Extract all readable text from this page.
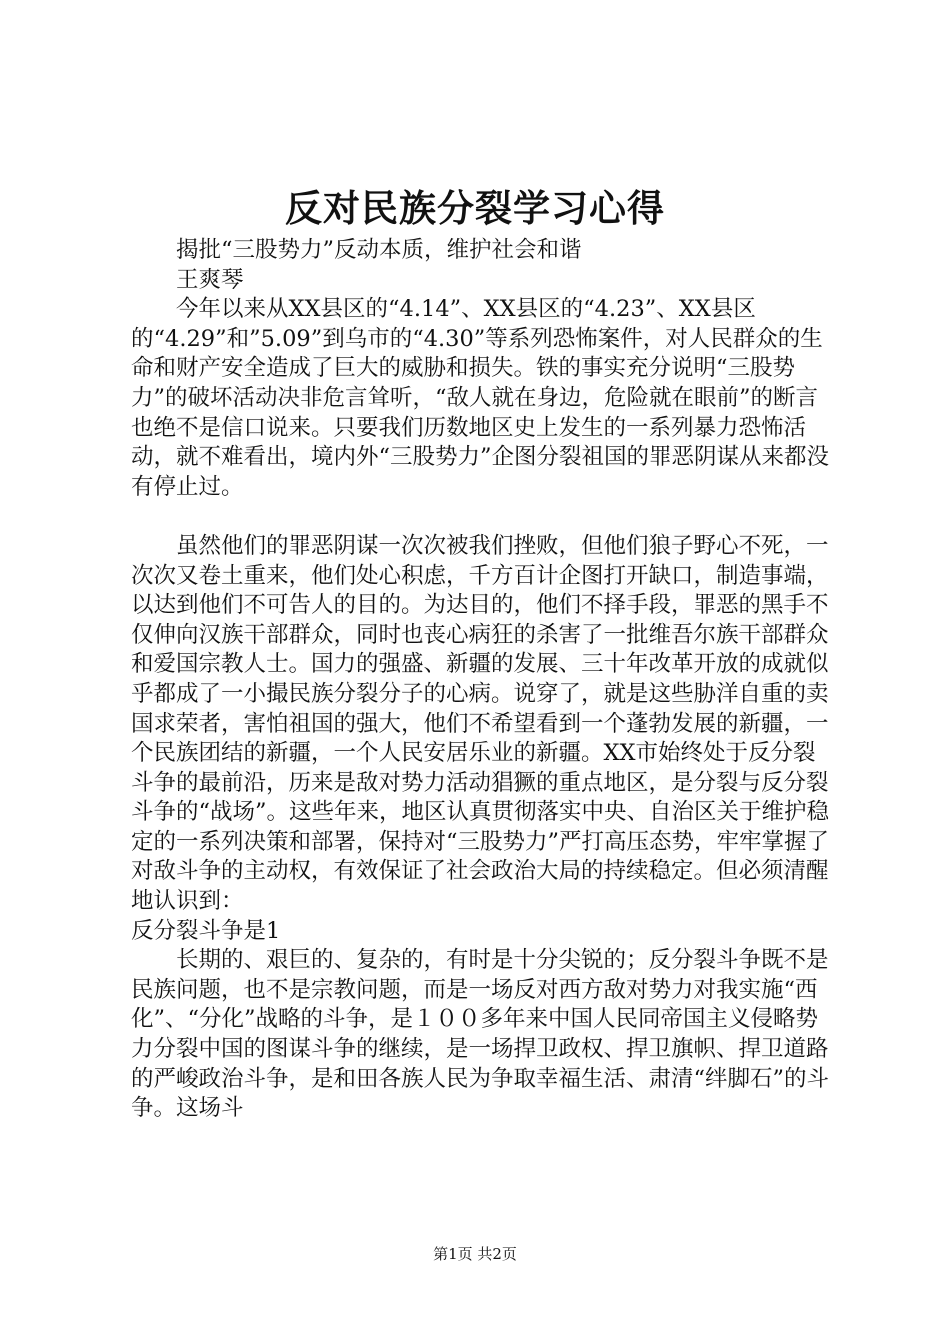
反对民族分裂学习心得

揭批“三股势力”反动本质，维护社会和谐

王爽琴

今年以来从XX县区的“4.14”、XX县区的“4.23”、XX县区的“4.29”和”5.09”到乌市的“4.30”等系列恐怖案件，对人民群众的生命和财产安全造成了巨大的威胁和损失。铁的事实充分说明“三股势力”的破坏活动决非危言耸听，“敌人就在身边，危险就在眼前”的断言也绝不是信口说来。只要我们历数地区史上发生的一系列暴力恐怖活动，就不难看出，境内外“三股势力”企图分裂祖国的罪恶阴谋从来都没有停止过。

虽然他们的罪恶阴谋一次次被我们挫败，但他们狼子野心不死，一次次又卷土重来，他们处心积虑，千方百计企图打开缺口，制造事端，以达到他们不可告人的目的。为达目的，他们不择手段，罪恶的黑手不仅伸向汉族干部群众，同时也丧心病狂的杀害了一批维吾尔族干部群众和爱国宗教人士。国力的强盛、新疆的发展、三十年改革开放的成就似乎都成了一小撮民族分裂分子的心病。说穿了，就是这些胁洋自重的卖国求荣者，害怕祖国的强大，他们不希望看到一个蓬勃发展的新疆，一个民族团结的新疆，一个人民安居乐业的新疆。XX市始终处于反分裂斗争的最前沿，历来是敌对势力活动猖獗的重点地区，是分裂与反分裂斗争的“战场”。这些年来，地区认真贯彻落实中央、自治区关于维护稳定的一系列决策和部署，保持对“三股势力”严打高压态势，牢牢掌握了对敌斗争的主动权，有效保证了社会政治大局的持续稳定。但必须清醒地认识到：

反分裂斗争是1

长期的、艰巨的、复杂的，有时是十分尖锐的；反分裂斗争既不是民族问题，也不是宗教问题，而是一场反对西方敌对势力对我实施“西化”、“分化”战略的斗争，是１００多年来中国人民同帝国主义侵略势力分裂中国的图谋斗争的继续，是一场捍卫政权、捍卫旗帜、捍卫道路的严峻政治斗争，是和田各族人民为争取幸福生活、肃清“绊脚石”的斗争。这场斗

第1页 共2页
